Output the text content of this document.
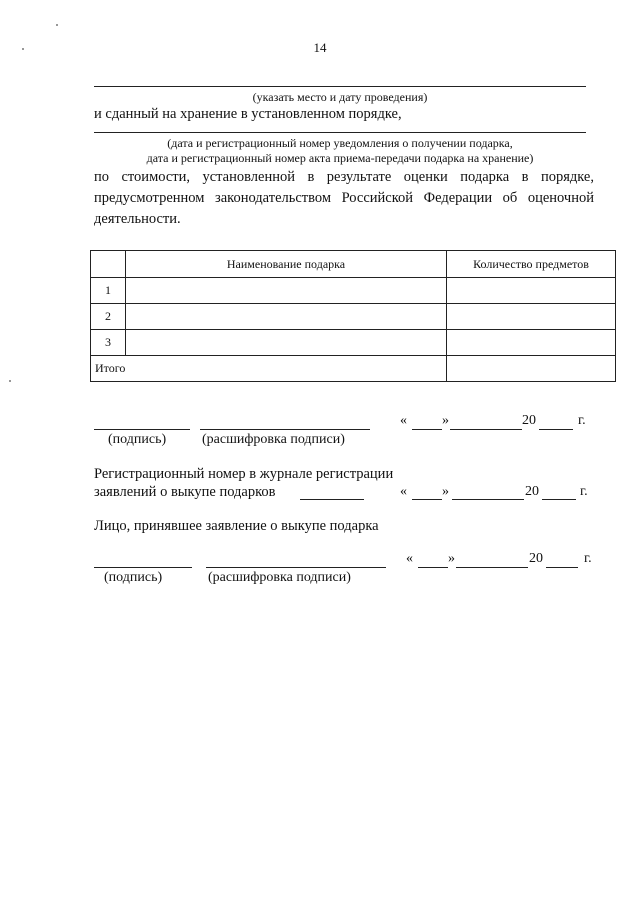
14
(указать место и дату проведения)
и сданный на хранение в установленном порядке,
(дата и регистрационный номер уведомления о получении подарка,
дата и регистрационный номер акта приема-передачи подарка на хранение)
по стоимости, установленной в результате оценки подарка в порядке,
предусмотренном законодательством Российской Федерации об оценочной
деятельности.
	Наименование подарка	Количество предметов
1		
2		
3		
Итого		
«	»	20	г.
(подпись)	(расшифровка подписи)
Регистрационный номер в журнале регистрации
заявлений о выкупе подарков	«	»	20	г.
Лицо, принявшее заявление о выкупе подарка
«	»	20	г.
(подпись)	(расшифровка подписи)
